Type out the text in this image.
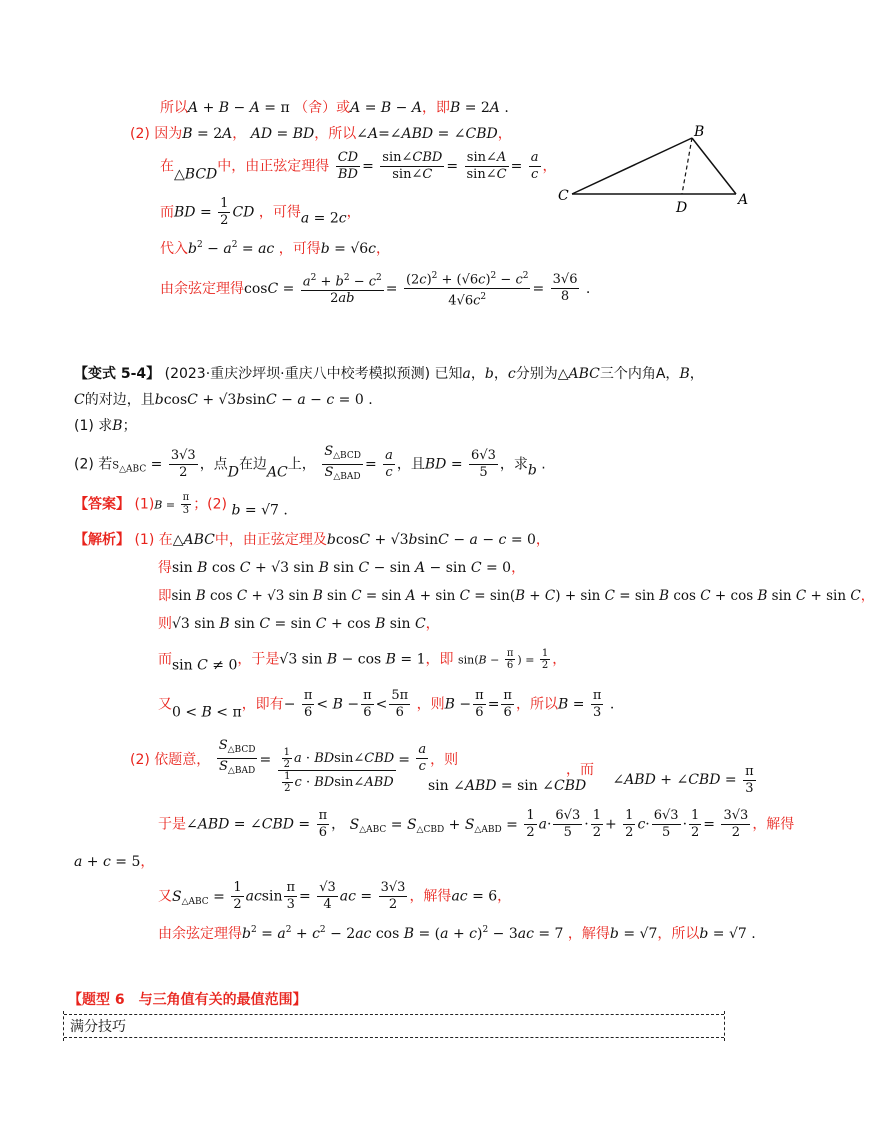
所以A + B − A = π （舍）或A = B − A，即B = 2A .
(2) 因为B = 2A， AD = BD，所以∠A=∠ABD = ∠CBD，
在△BCD中，由正弦定理得 $\frac{CD}{BD} = \frac{\text{sin∠CBD}}{\sin\angle C} = \frac{\sin\angle A}{\sin\angle C} = \frac{a}{c}$ ，
而BD = $\frac{1}{2}$ CD ，可得a = 2c，
代入$b^2 - a^2$ = ac ，可得b = √6c，
由余弦定理得$\cos C = \frac{a^2 + b^2 - c^2}{2ab} = \frac{(2c)^2 + (√6c)^2 - c^2}{4√6c^2} = \frac{3√6}{8}$ .
B
C
D	A
【变式 5-4】 (2023·重庆沙坪坝·重庆八中校考模拟预测) 已知a，b，c分别为△ABC三个内角A，B，
C的对边，且bcosC + √3bsinC − a − c = 0 .
(1) 求B；
(2) 若$S_{\triangle ABC} = \frac{3√3}{2}$ ，点D在边AC上， $\frac{S_{\triangle BCD}}{S_{\triangle BAD}} = \frac{a}{c}$ ，且BD = $\frac{6√3}{5}$ ，求b .
【答案】 $(1)B = \frac{\pi}{3}$ ；(2) b = √7 .
【解析】 (1) 在△ABC中，由正弦定理及bcosC + √3bsinC − a − c = 0，
得sin B cos C + √3 sin B sin C − sin A − sin C = 0，
即sin B cos C + √3 sin B sin C = sin A + sin C = sin(B + C) + sin C = sin B cos C + cos B sin C + sin C，
则√3 sin B sin C = sin C + cos B sin C，
而sin C ≠ 0，于是√3 sin B − cos B = 1，即 $\sin(B - \frac{\pi}{6}$ ) = $\frac{1}{2}$ ，
又0 < B < π，即有− $\frac{\pi}{6} < B - \frac{\pi}{6} < \frac{5\pi}{6}$ ，则$B - \frac{\pi}{6} = \frac{\pi}{6}$ ，所以$B = \frac{\pi}{3}$ .
(2) 依题意， $\frac{S_{\triangle BCD}}{S_{\triangle BAD}} = \frac{\frac{1}{2} a \cdot BDsin\angle CBD}{\frac{1}{2} c \cdot BDsin\angle ABD} = \frac{a}{c}$ ，则
sin ∠ABD = sin ∠CBD
，而 ∠ABD + ∠CBD = $\frac{\pi}{3}$
于是∠ABD = ∠CBD = $\frac{\pi}{6}$ ， $S_{\triangle ABC} = S_{\triangle CBD} + S_{\triangle ABD} = \frac{1}{2} a\cdot \frac{6√3}{5} \cdot \frac{1}{2} + \frac{1}{2} c\cdot \frac{6√3}{5} \cdot \frac{1}{2} = \frac{3√3}{2}$ ，解得
a + c = 5，
又$S_{\triangle ABC} = \frac{1}{2}$ acsin $\frac{\pi}{3} = \frac{√3}{4}$ ac = $\frac{3√3}{2}$ ，解得ac = 6，
由余弦定理得$b^2 = a^2 + c^2 - 2ac$ $\cos B = (a + c)^2 - 3ac = 7$ ，解得b = √7，所以b = √7 .
【题型 6　与三角值有关的最值范围】
满分技巧
